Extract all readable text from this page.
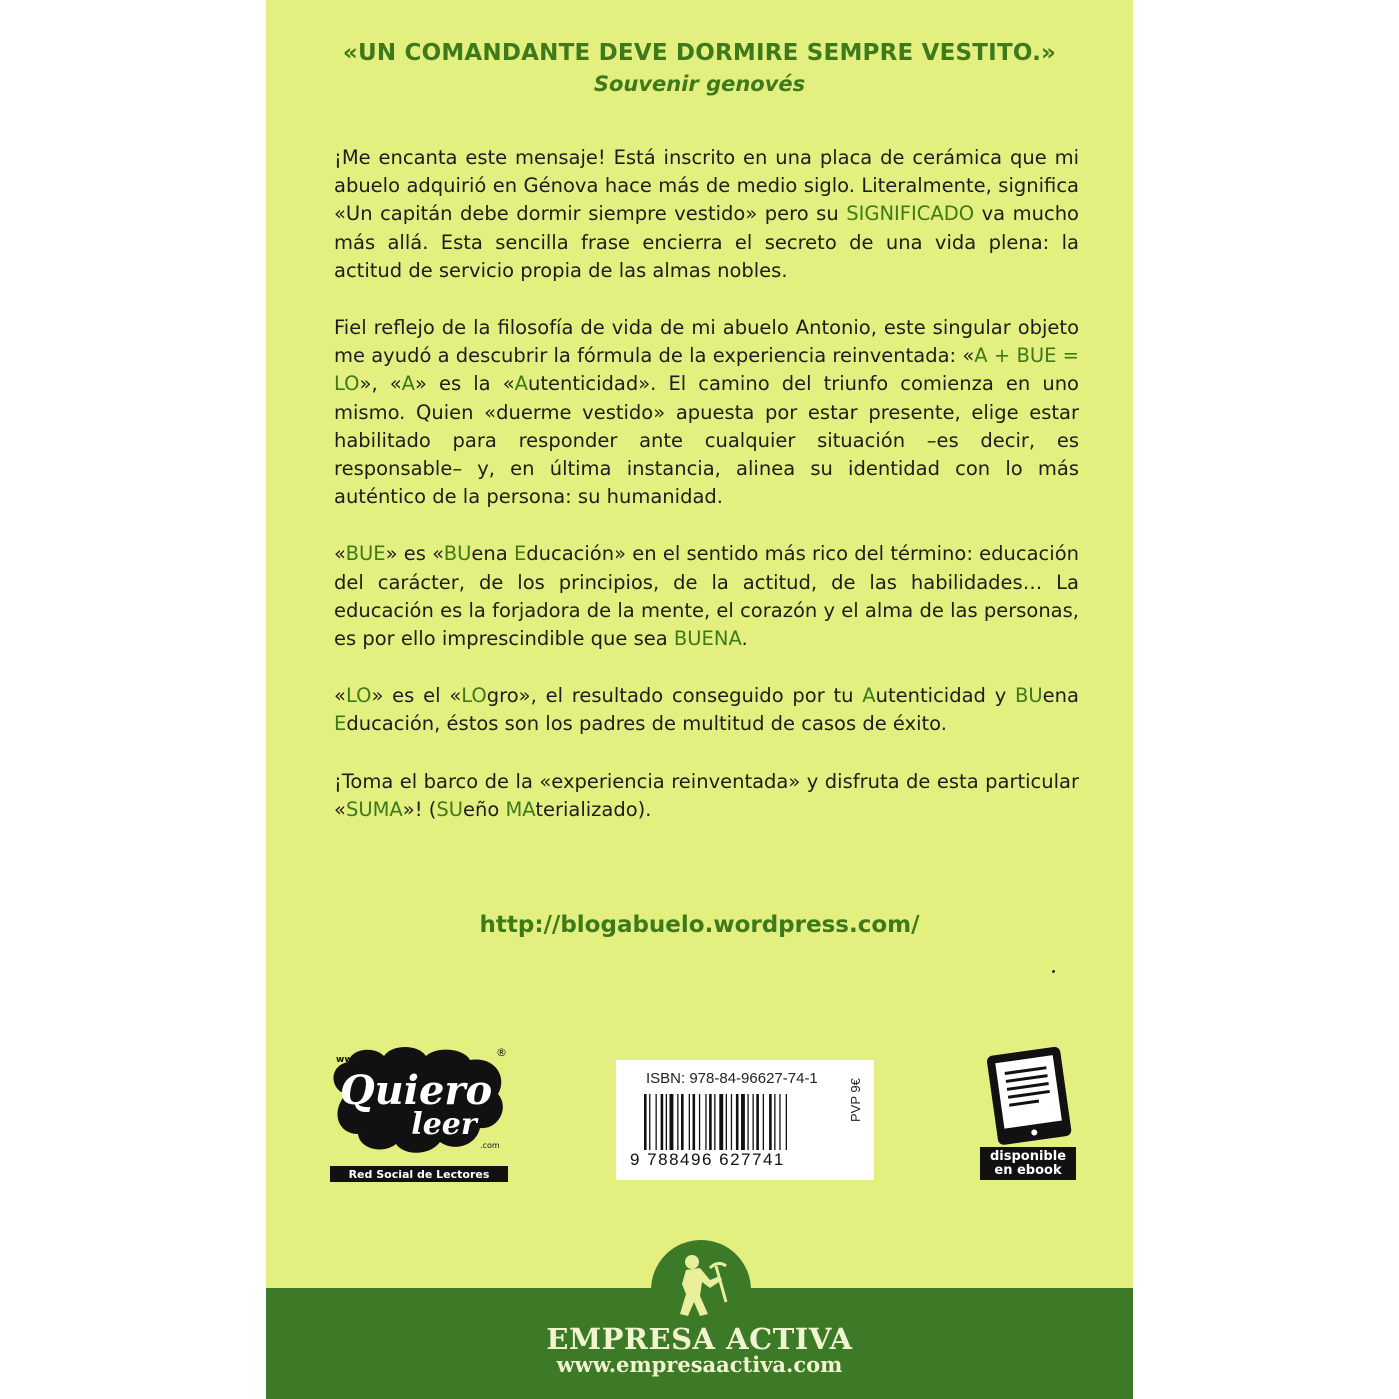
«UN COMANDANTE DEVE DORMIRE SEMPRE VESTITO.»
Souvenir genovés

¡Me encanta este mensaje! Está inscrito en una placa de cerámica que mi abuelo adquirió en Génova hace más de medio siglo. Literalmente, significa «Un capitán debe dormir siempre vestido» pero su SIGNIFICADO va mucho más allá. Esta sencilla frase encierra el secreto de una vida plena: la actitud de servicio propia de las almas nobles.

Fiel reflejo de la filosofía de vida de mi abuelo Antonio, este singular objeto me ayudó a descubrir la fórmula de la experiencia reinventada: «A + BUE = LO», «A» es la «Autenticidad». El camino del triunfo comienza en uno mismo. Quien «duerme vestido» apuesta por estar presente, elige estar habilitado para responder ante cualquier situación –es decir, es responsable– y, en última instancia, alinea su identidad con lo más auténtico de la persona: su humanidad.

«BUE» es «BUena Educación» en el sentido más rico del término: educación del carácter, de los principios, de la actitud, de las habilidades… La educación es la forjadora de la mente, el corazón y el alma de las personas, es por ello imprescindible que sea BUENA.

«LO» es el «LOgro», el resultado conseguido por tu Autenticidad y BUena Educación, éstos son los padres de multitud de casos de éxito.

¡Toma el barco de la «experiencia reinventada» y disfruta de esta particular «SUMA»! (SUeño MAterializado).

http://blogabuelo.wordpress.com/
www.
®
Quiero
leer
.com
Red Social de Lectores
ISBN: 978-84-96627-74-1
9 788496 627741
PVP 9€
disponible
en ebook
EMPRESA ACTIVA
www.empresaactiva.com
